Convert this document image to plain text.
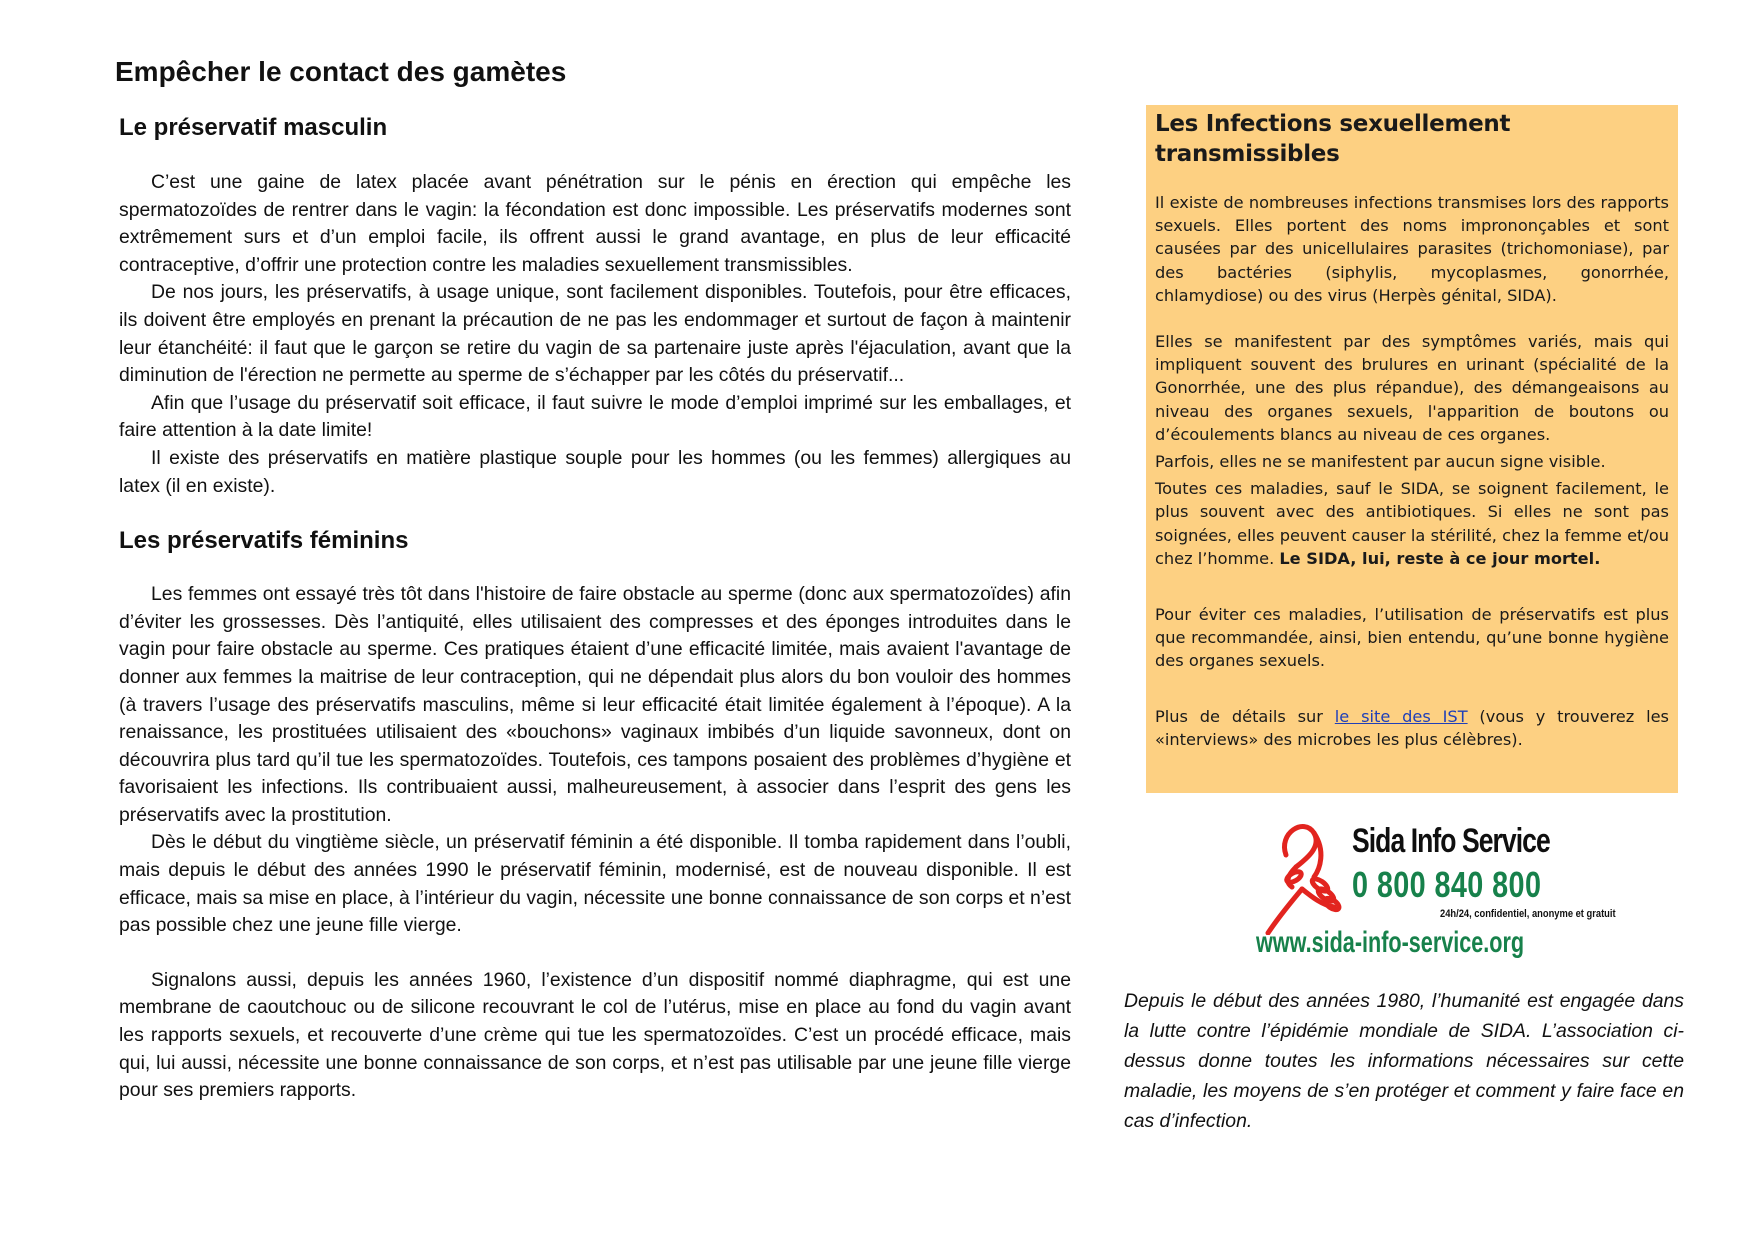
Empêcher le contact des gamètes
Le préservatif masculin

C’est une gaine de latex placée avant pénétration sur le pénis en érection qui empêche les spermatozoïdes de rentrer dans le vagin: la fécondation est donc impossible. Les préservatifs modernes sont extrêmement surs et d’un emploi facile, ils offrent aussi le grand avantage, en plus de leur efficacité contraceptive, d’offrir une protection contre les maladies sexuellement transmissibles.

De nos jours, les préservatifs, à usage unique, sont facilement disponibles. Toutefois, pour être efficaces, ils doivent être employés en prenant la précaution de ne pas les endommager et surtout de façon à maintenir leur étanchéité: il faut que le garçon se retire du vagin de sa partenaire juste après l'éjaculation, avant que la diminution de l'érection ne permette au sperme de s’échapper par les côtés du préservatif...

Afin que l’usage du préservatif soit efficace, il faut suivre le mode d’emploi imprimé sur les emballages, et faire attention à la date limite!

Il existe des préservatifs en matière plastique souple pour les hommes (ou les femmes) allergiques au latex (il en existe).

Les préservatifs féminins

Les femmes ont essayé très tôt dans l'histoire de faire obstacle au sperme (donc aux spermatozoïdes) afin d’éviter les grossesses. Dès l’antiquité, elles utilisaient des compresses et des éponges introduites dans le vagin pour faire obstacle au sperme. Ces pratiques étaient d’une efficacité limitée, mais avaient l'avantage de donner aux femmes la maitrise de leur contraception, qui ne dépendait plus alors du bon vouloir des hommes (à travers l’usage des préservatifs masculins, même si leur efficacité était limitée également à l’époque). A la renaissance, les prostituées utilisaient des «bouchons» vaginaux imbibés d’un liquide savonneux, dont on découvrira plus tard qu’il tue les spermatozoïdes. Toutefois, ces tampons posaient des problèmes d’hygiène et favorisaient les infections. Ils contribuaient aussi, malheureusement, à associer dans l’esprit des gens les préservatifs avec la prostitution.

Dès le début du vingtième siècle, un préservatif féminin a été disponible. Il tomba rapidement dans l’oubli, mais depuis le début des années 1990 le préservatif féminin, modernisé, est de nouveau disponible. Il est efficace, mais sa mise en place, à l’intérieur du vagin, nécessite une bonne connaissance de son corps et n’est pas possible chez une jeune fille vierge.

Signalons aussi, depuis les années 1960, l’existence d’un dispositif nommé diaphragme, qui est une membrane de caoutchouc ou de silicone recouvrant le col de l’utérus, mise en place au fond du vagin avant les rapports sexuels, et recouverte d’une crème qui tue les spermatozoïdes. C’est un procédé efficace, mais qui, lui aussi, nécessite une bonne connaissance de son corps, et n’est pas utilisable par une jeune fille vierge pour ses premiers rapports.

Les Infections sexuellement transmissibles

Il existe de nombreuses infections transmises lors des rapports sexuels. Elles portent des noms imprononçables et sont causées par des unicellulaires parasites (trichomoniase), par des bactéries (siphylis, mycoplasmes, gonorrhée, chlamydiose) ou des virus (Herpès génital, SIDA).

Elles se manifestent par des symptômes variés, mais qui impliquent souvent des brulures en urinant (spécialité de la Gonorrhée, une des plus répandue), des démangeaisons au niveau des organes sexuels, l'apparition de boutons ou d’écoulements blancs au niveau de ces organes.

Parfois, elles ne se manifestent par aucun signe visible.

Toutes ces maladies, sauf le SIDA, se soignent facilement, le plus souvent avec des antibiotiques. Si elles ne sont pas soignées, elles peuvent causer la stérilité, chez la femme et/ou chez l’homme. Le SIDA, lui, reste à ce jour mortel.

Pour éviter ces maladies, l’utilisation de préservatifs est plus que recommandée, ainsi, bien entendu, qu’une bonne hygiène des organes sexuels.

Plus de détails sur le site des IST (vous y trouverez les «interviews» des microbes les plus célèbres).

Sida Info Service
0 800 840 800
24h/24, confidentiel, anonyme et gratuit
www.sida-info-service.org

Depuis le début des années 1980, l’humanité est engagée dans la lutte contre l’épidémie mondiale de SIDA. L’association ci-dessus donne toutes les informations nécessaires sur cette maladie, les moyens de s’en protéger et comment y faire face en cas d’infection.
